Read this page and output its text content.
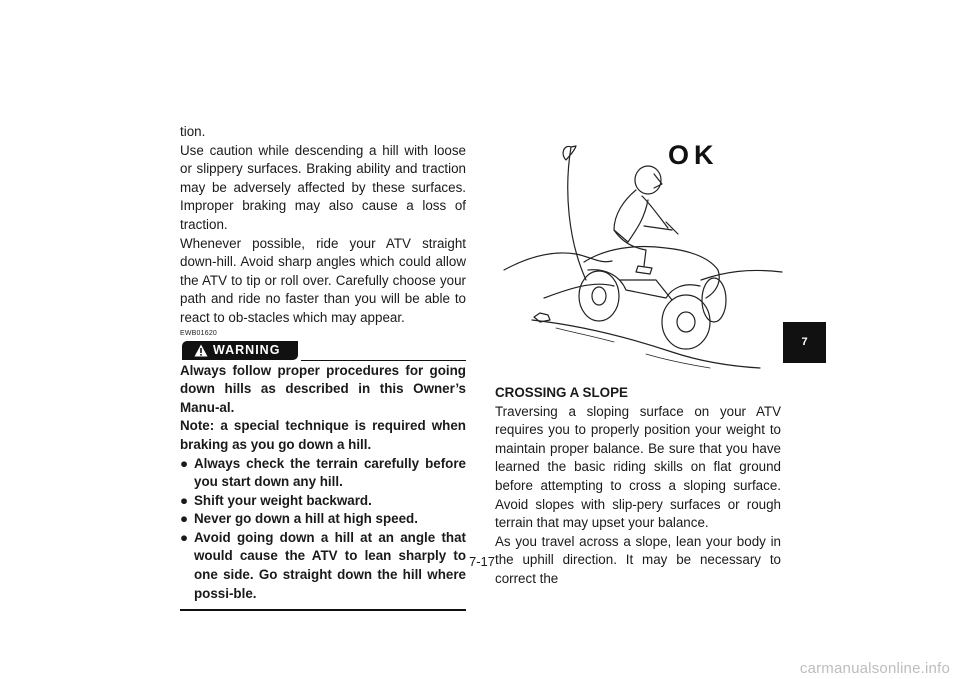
tion.

Use caution while descending a hill with loose or slippery surfaces. Braking ability and traction may be adversely affected by these surfaces. Improper braking may also cause a loss of traction.

Whenever possible, ride your ATV straight down-hill. Avoid sharp angles which could allow the ATV to tip or roll over. Carefully choose your path and ride no faster than you will be able to react to ob-stacles which may appear.

EWB01620
WARNING

Always follow proper procedures for going down hills as described in this Owner’s Manu-al.

Note: a special technique is required when braking as you go down a hill.

● Always check the terrain carefully before you start down any hill.
● Shift your weight backward.
● Never go down a hill at high speed.
● Avoid going down a hill at an angle that would cause the ATV to lean sharply to one side. Go straight down the hill where possi-ble.
OK

CROSSING A SLOPE

Traversing a sloping surface on your ATV requires you to properly position your weight to maintain proper balance. Be sure that you have learned the basic riding skills on flat ground before attempting to cross a sloping surface. Avoid slopes with slip-pery surfaces or rough terrain that may upset your balance.

As you travel across a slope, lean your body in the uphill direction. It may be necessary to correct the

7-17
7
carmanualsonline.info
